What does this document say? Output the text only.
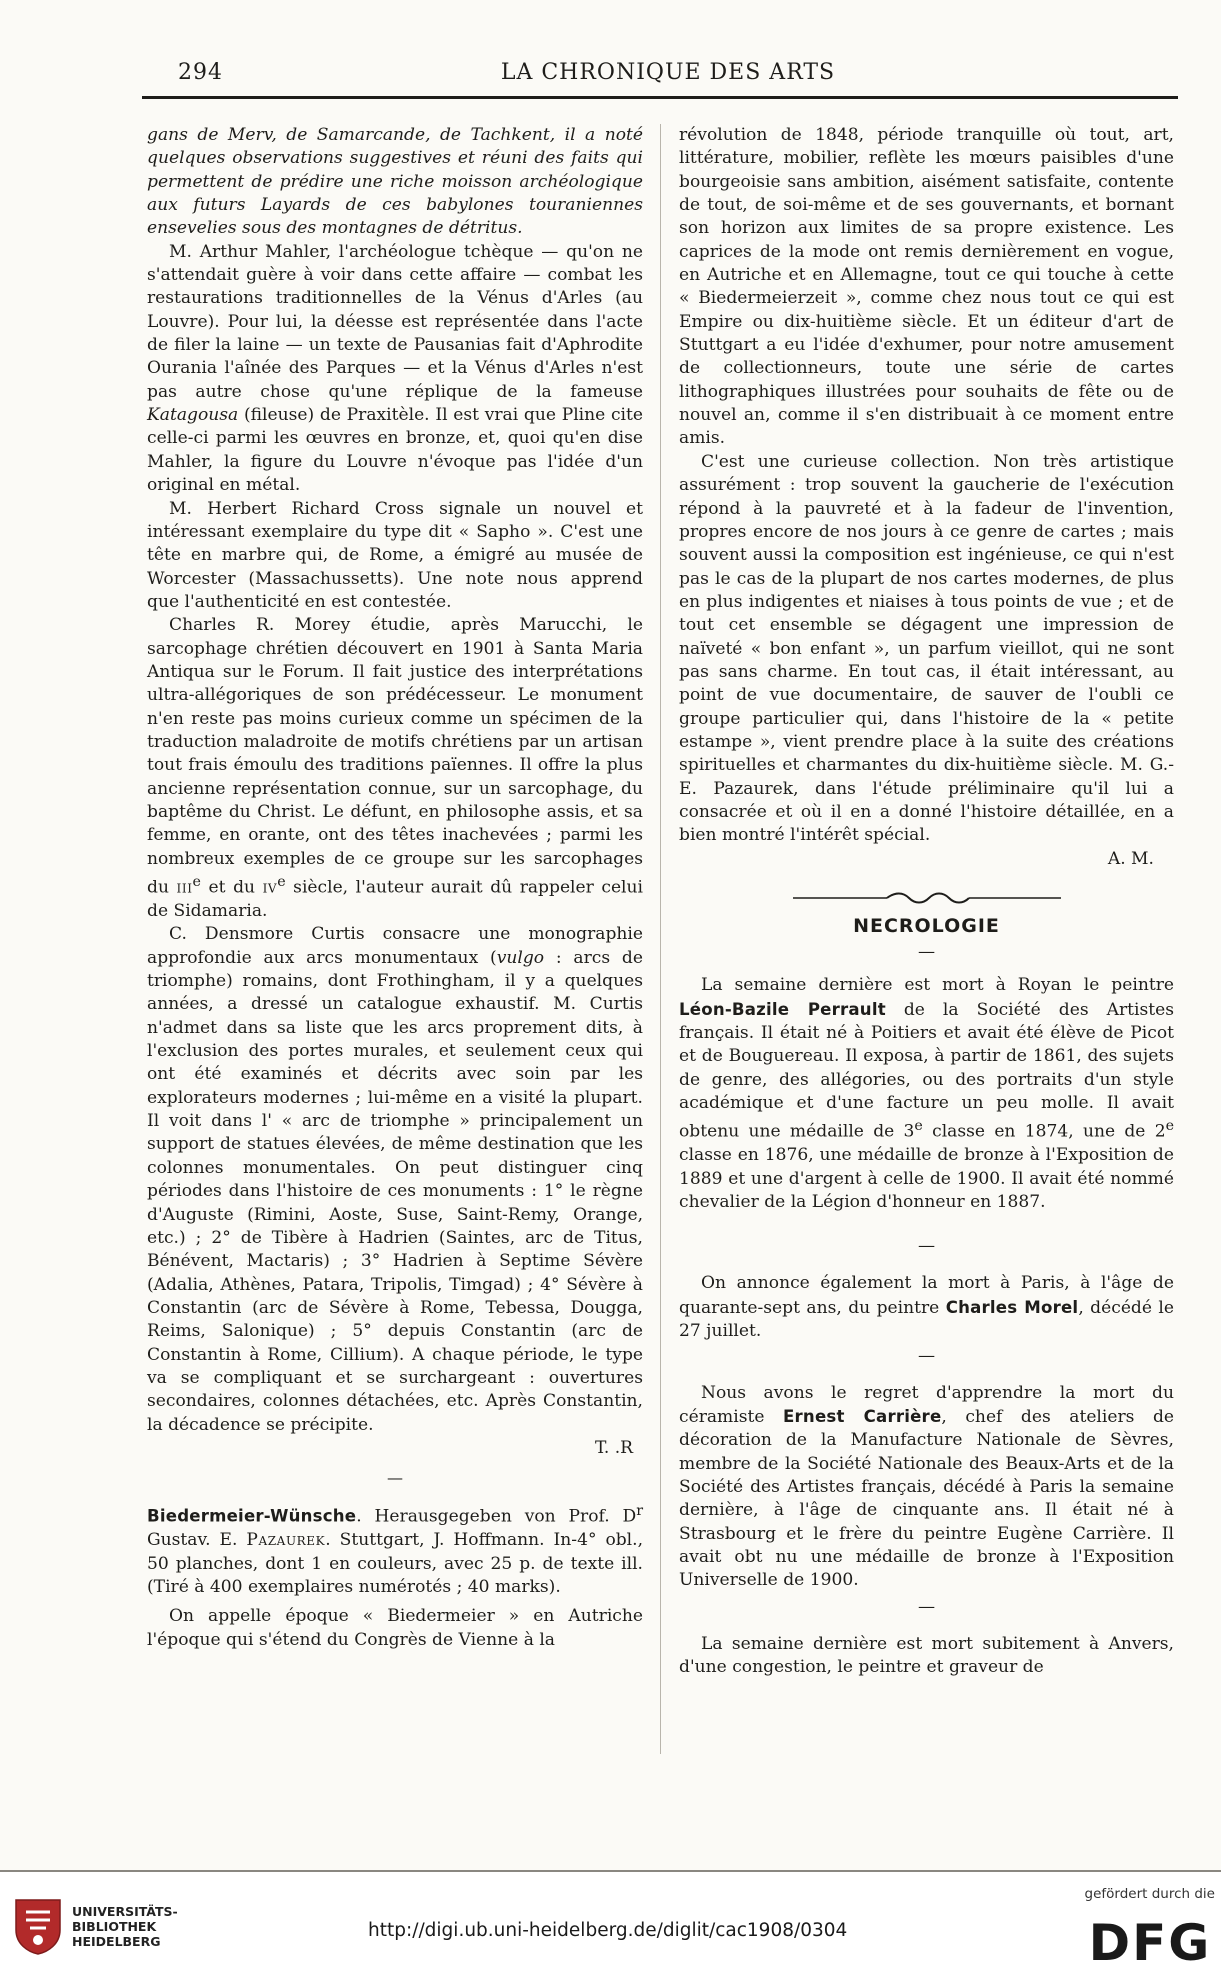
294	LA CHRONIQUE DES ARTS

gans de Merv, de Samarcande, de Tachkent, il a noté quelques observations suggestives et réuni des faits qui permettent de prédire une riche moisson archéologique aux futurs Layards de ces babylones touraniennes ensevelies sous des montagnes de détritus.

M. Arthur Mahler, l'archéologue tchèque — qu'on ne s'attendait guère à voir dans cette affaire — combat les restaurations traditionnelles de la Vénus d'Arles (au Louvre). Pour lui, la déesse est représentée dans l'acte de filer la laine — un texte de Pausanias fait d'Aphrodite Ourania l'aînée des Parques — et la Vénus d'Arles n'est pas autre chose qu'une réplique de la fameuse Katagousa (fileuse) de Praxitèle. Il est vrai que Pline cite celle-ci parmi les œuvres en bronze, et, quoi qu'en dise Mahler, la figure du Louvre n'évoque pas l'idée d'un original en métal.

M. Herbert Richard Cross signale un nouvel et intéressant exemplaire du type dit « Sapho ». C'est une tête en marbre qui, de Rome, a émigré au musée de Worcester (Massachussetts). Une note nous apprend que l'authenticité en est contestée.

Charles R. Morey étudie, après Marucchi, le sarcophage chrétien découvert en 1901 à Santa Maria Antiqua sur le Forum. Il fait justice des interprétations ultra-allégoriques de son prédécesseur. Le monument n'en reste pas moins curieux comme un spécimen de la traduction maladroite de motifs chrétiens par un artisan tout frais émoulu des traditions païennes. Il offre la plus ancienne représentation connue, sur un sarcophage, du baptême du Christ. Le défunt, en philosophe assis, et sa femme, en orante, ont des têtes inachevées ; parmi les nombreux exemples de ce groupe sur les sarcophages du iii$^e$ et du $iv^e$ siècle, l'auteur aurait dû rappeler celui de Sidamaria.

C. Densmore Curtis consacre une monographie approfondie aux arcs monumentaux (vulgo : arcs de triomphe) romains, dont Frothingham, il y a quelques années, a dressé un catalogue exhaustif. M. Curtis n'admet dans sa liste que les arcs proprement dits, à l'exclusion des portes murales, et seulement ceux qui ont été examinés et décrits avec soin par les explorateurs modernes ; lui-même en a visité la plupart. Il voit dans l' « arc de triomphe » principalement un support de statues élevées, de même destination que les colonnes monumentales. On peut distinguer cinq périodes dans l'histoire de ces monuments : 1° le règne d'Auguste (Rimini, Aoste, Suse, Saint-Remy, Orange, etc.) ; 2° de Tibère à Hadrien (Saintes, arc de Titus, Bénévent, Mactaris) ; 3° Hadrien à Septime Sévère (Adalia, Athènes, Patara, Tripolis, Timgad) ; 4° Sévère à Constantin (arc de Sévère à Rome, Tebessa, Dougga, Reims, Salonique) ; 5° depuis Constantin (arc de Constantin à Rome, Cillium). A chaque période, le type va se compliquant et se surchargeant : ouvertures secondaires, colonnes détachées, etc. Après Constantin, la décadence se précipite.

T. .R

—

Biedermeier-Wünsche. Herausgegeben von Prof. $D^r$ Gustav. E. Pazaurek. Stuttgart, J. Hoffmann. In-4° obl., 50 planches, dont 1 en couleurs, avec 25 p. de texte ill. (Tiré à 400 exemplaires numérotés ; 40 marks).

On appelle époque « Biedermeier » en Autriche l'époque qui s'étend du Congrès de Vienne à la

révolution de 1848, période tranquille où tout, art, littérature, mobilier, reflète les mœurs paisibles d'une bourgeoisie sans ambition, aisément satisfaite, contente de tout, de soi-même et de ses gouvernants, et bornant son horizon aux limites de sa propre existence. Les caprices de la mode ont remis dernièrement en vogue, en Autriche et en Allemagne, tout ce qui touche à cette « Biedermeierzeit », comme chez nous tout ce qui est Empire ou dix-huitième siècle. Et un éditeur d'art de Stuttgart a eu l'idée d'exhumer, pour notre amusement de collectionneurs, toute une série de cartes lithographiques illustrées pour souhaits de fête ou de nouvel an, comme il s'en distribuait à ce moment entre amis.

C'est une curieuse collection. Non très artistique assurément : trop souvent la gaucherie de l'exécution répond à la pauvreté et à la fadeur de l'invention, propres encore de nos jours à ce genre de cartes ; mais souvent aussi la composition est ingénieuse, ce qui n'est pas le cas de la plupart de nos cartes modernes, de plus en plus indigentes et niaises à tous points de vue ; et de tout cet ensemble se dégagent une impression de naïveté « bon enfant », un parfum vieillot, qui ne sont pas sans charme. En tout cas, il était intéressant, au point de vue documentaire, de sauver de l'oubli ce groupe particulier qui, dans l'histoire de la « petite estampe », vient prendre place à la suite des créations spirituelles et charmantes du dix-huitième siècle. M. G.-E. Pazaurek, dans l'étude préliminaire qu'il lui a consacrée et où il en a donné l'histoire détaillée, en a bien montré l'intérêt spécial.

A. M.

NECROLOGIE

—

La semaine dernière est mort à Royan le peintre Léon-Bazile Perrault de la Société des Artistes français. Il était né à Poitiers et avait été élève de Picot et de Bouguereau. Il exposa, à partir de 1861, des sujets de genre, des allégories, ou des portraits d'un style académique et d'une facture un peu molle. Il avait obtenu une médaille de 3e classe en 1874, une de 2e classe en 1876, une médaille de bronze à l'Exposition de 1889 et une d'argent à celle de 1900. Il avait été nommé chevalier de la Légion d'honneur en 1887.

—

On annonce également la mort à Paris, à l'âge de quarante-sept ans, du peintre Charles Morel, décédé le 27 juillet.

—

Nous avons le regret d'apprendre la mort du céramiste Ernest Carrière, chef des ateliers de décoration de la Manufacture Nationale de Sèvres, membre de la Société Nationale des Beaux-Arts et de la Société des Artistes français, décédé à Paris la semaine dernière, à l'âge de cinquante ans. Il était né à Strasbourg et le frère du peintre Eugène Carrière. Il avait obt nu une médaille de bronze à l'Exposition Universelle de 1900.

—

La semaine dernière est mort subitement à Anvers, d'une congestion, le peintre et graveur de

UNIVERSITÄTS-
BIBLIOTHEK
HEIDELBERG
http://digi.ub.uni-heidelberg.de/diglit/cac1908/0304
gefördert durch die
DFG
